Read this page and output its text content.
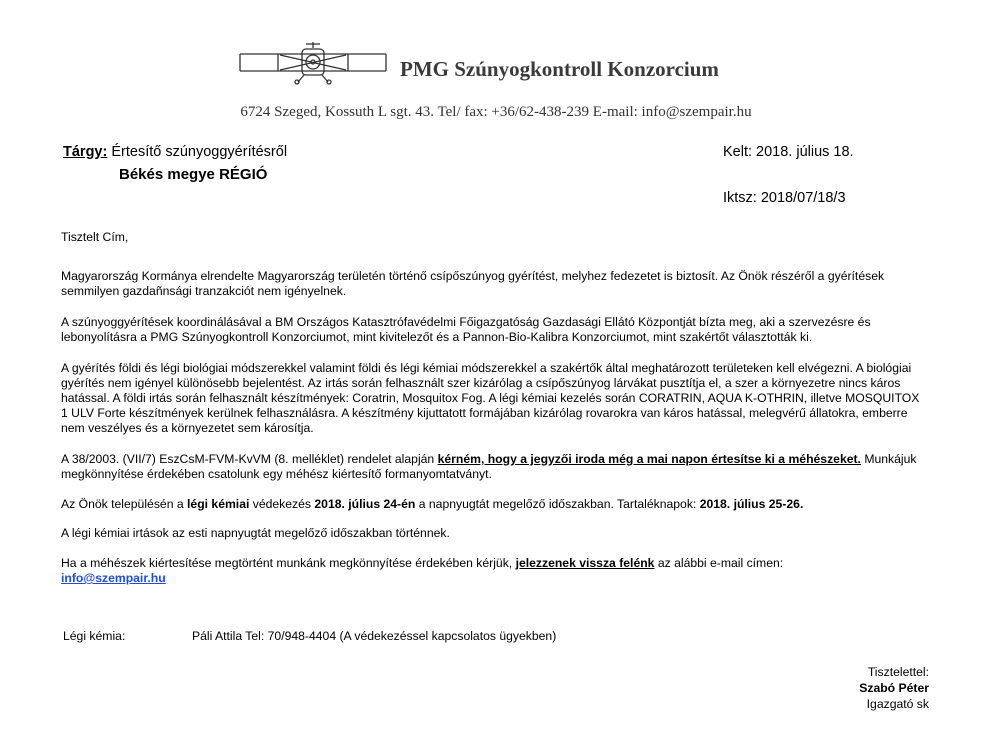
PMG Szúnyogkontroll Konzorcium
6724 Szeged, Kossuth L sgt. 43. Tel/ fax: +36/62-438-239 E-mail: info@szempair.hu
Tárgy: Értesítő szúnyoggyérítésről
Békés megye RÉGIÓ
Kelt: 2018. július 18.
Iktsz: 2018/07/18/3

Tisztelt Cím,

Magyarország Kormánya elrendelte Magyarország területén történő csípőszúnyog gyérítést, melyhez fedezetet is biztosít. Az Önök részéről a gyérítések semmilyen gazdañnsági tranzakciót nem igényelnek.

A szúnyoggyérítések koordinálásával a BM Országos Katasztrófavédelmi Főigazgatóság Gazdasági Ellátó Központját bízta meg, aki a szervezésre és lebonyolításra a PMG Szúnyogkontroll Konzorciumot, mint kivitelezőt és a Pannon-Bio-Kalibra Konzorciumot, mint szakértőt választották ki.

A gyérítés földi és légi biológiai módszerekkel valamint földi és légi kémiai módszerekkel a szakértők által meghatározott területeken kell elvégezni. A biológiai gyérítés nem igényel különösebb bejelentést. Az irtás során felhasznált szer kizárólag a csípőszúnyog lárvákat pusztítja el, a szer a környezetre nincs káros hatással. A földi irtás során felhasznált készítmények: Coratrin, Mosquitox Fog. A légi kémiai kezelés során CORATRIN, AQUA K-OTHRIN, illetve MOSQUITOX 1 ULV Forte készítmények kerülnek felhasználásra. A készítmény kijuttatott formájában kizárólag rovarokra van káros hatással, melegvérű állatokra, emberre nem veszélyes és a környezetet sem károsítja.

A 38/2003. (VII/7) EszCsM-FVM-KvVM (8. melléklet) rendelet alapján kérném, hogy a jegyzői iroda még a mai napon értesítse ki a méhészeket. Munkájuk megkönnyítése érdekében csatolunk egy méhész kiértesítő formanyomtatványt.

Az Önök településén a légi kémiai védekezés 2018. július 24-én a napnyugtát megelőző időszakban. Tartaléknapok: 2018. július 25-26.

A légi kémiai irtások az esti napnyugtát megelőző időszakban történnek.

Ha a méhészek kiértesítése megtörtént munkánk megkönnyítése érdekében kérjük, jelezzenek vissza felénk az alábbi e-mail címen:
info@szempair.hu

Légi kémia:	Páli Attila Tel: 70/948-4404 (A védekezéssel kapcsolatos ügyekben)
Tisztelettel:
Szabó Péter
Igazgató sk
